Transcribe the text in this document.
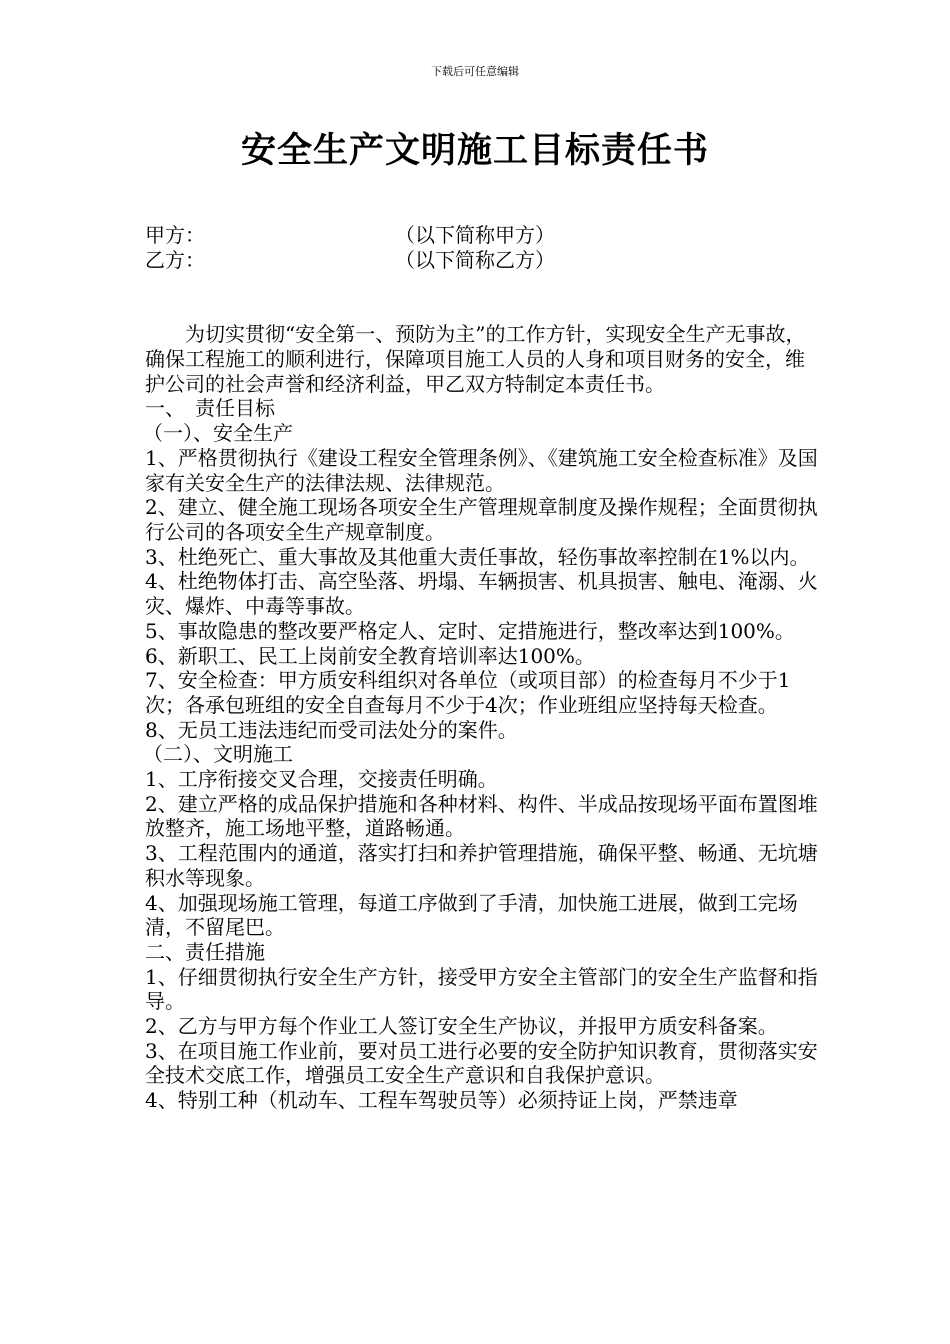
下载后可任意编辑
安全生产文明施工目标责任书
甲方：	（以下简称甲方）
乙方：	（以下简称乙方）

为切实贯彻“安全第一、预防为主”的工作方针，实现安全生产无事故，确保工程施工的顺利进行，保障项目施工人员的人身和项目财务的安全，维护公司的社会声誉和经济利益，甲乙双方特制定本责任书。

一、　责任目标

（一）、安全生产

1、严格贯彻执行《建设工程安全管理条例》、《建筑施工安全检查标准》及国家有关安全生产的法律法规、法律规范。

2、建立、健全施工现场各项安全生产管理规章制度及操作规程；全面贯彻执行公司的各项安全生产规章制度。

3、杜绝死亡、重大事故及其他重大责任事故，轻伤事故率控制在1%以内。

4、杜绝物体打击、高空坠落、坍塌、车辆损害、机具损害、触电、淹溺、火灾、爆炸、中毒等事故。

5、事故隐患的整改要严格定人、定时、定措施进行，整改率达到100%。

6、新职工、民工上岗前安全教育培训率达100%。

7、安全检查：甲方质安科组织对各单位（或项目部）的检查每月不少于1次；各承包班组的安全自查每月不少于4次；作业班组应坚持每天检查。

8、无员工违法违纪而受司法处分的案件。

（二）、文明施工

1、工序衔接交叉合理，交接责任明确。

2、建立严格的成品保护措施和各种材料、构件、半成品按现场平面布置图堆放整齐，施工场地平整，道路畅通。

3、工程范围内的通道，落实打扫和养护管理措施，确保平整、畅通、无坑塘积水等现象。

4、加强现场施工管理，每道工序做到了手清，加快施工进展，做到工完场清，不留尾巴。

二、责任措施

1、仔细贯彻执行安全生产方针，接受甲方安全主管部门的安全生产监督和指导。

2、乙方与甲方每个作业工人签订安全生产协议，并报甲方质安科备案。

3、在项目施工作业前，要对员工进行必要的安全防护知识教育，贯彻落实安全技术交底工作，增强员工安全生产意识和自我保护意识。

4、特别工种（机动车、工程车驾驶员等）必须持证上岗，严禁违章
